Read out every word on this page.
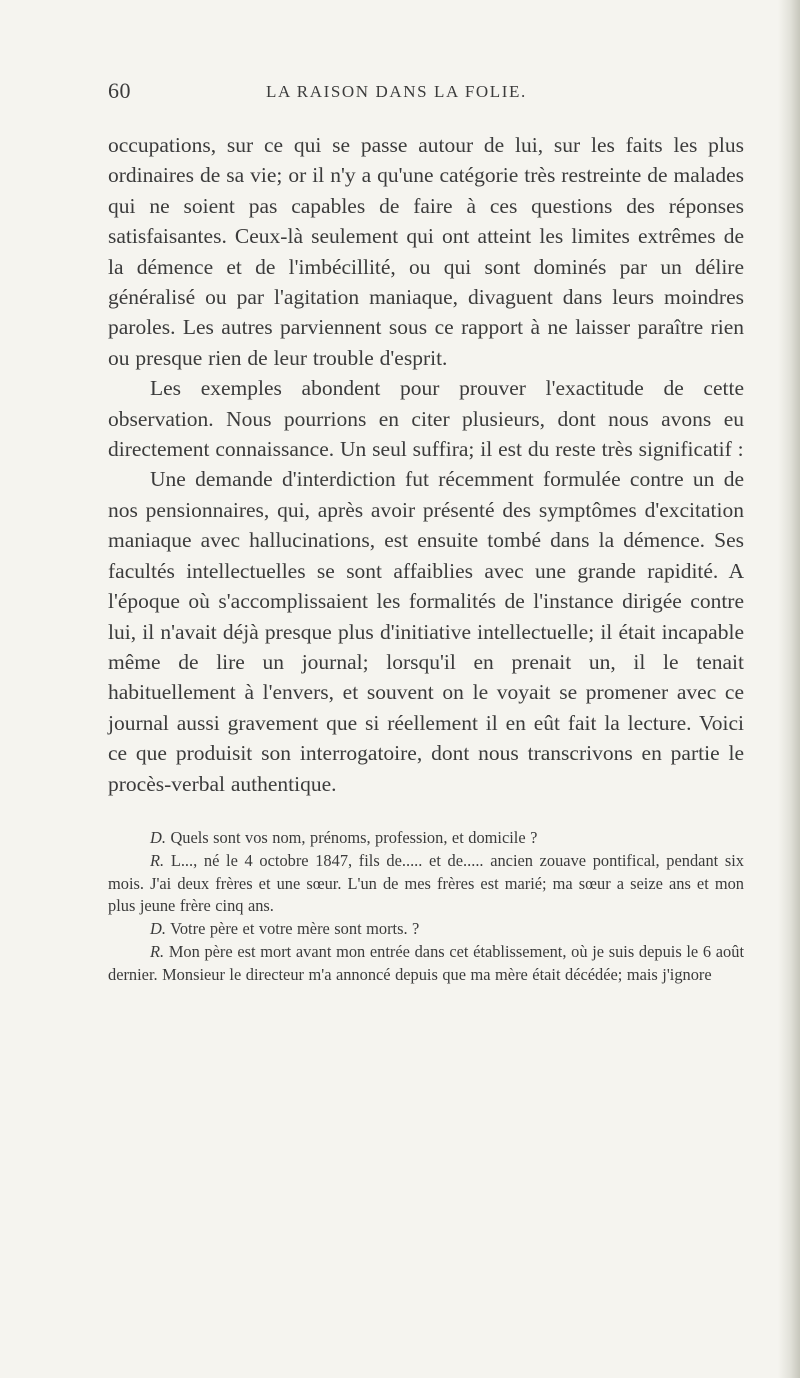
60	LA RAISON DANS LA FOLIE.

occupations, sur ce qui se passe autour de lui, sur les faits les plus ordinaires de sa vie; or il n'y a qu'une catégorie très restreinte de malades qui ne soient pas capables de faire à ces questions des réponses satisfaisantes. Ceux-là seulement qui ont atteint les limites extrêmes de la démence et de l'imbécillité, ou qui sont dominés par un délire généralisé ou par l'agitation maniaque, divaguent dans leurs moindres paroles. Les autres parviennent sous ce rapport à ne laisser paraître rien ou presque rien de leur trouble d'esprit.

Les exemples abondent pour prouver l'exactitude de cette observation. Nous pourrions en citer plusieurs, dont nous avons eu directement connaissance. Un seul suffira; il est du reste très significatif :

Une demande d'interdiction fut récemment formulée contre un de nos pensionnaires, qui, après avoir présenté des symptômes d'excitation maniaque avec hallucinations, est ensuite tombé dans la démence. Ses facultés intellectuelles se sont affaiblies avec une grande rapidité. A l'époque où s'accomplissaient les formalités de l'instance dirigée contre lui, il n'avait déjà presque plus d'initiative intellectuelle; il était incapable même de lire un journal; lorsqu'il en prenait un, il le tenait habituellement à l'envers, et souvent on le voyait se promener avec ce journal aussi gravement que si réellement il en eût fait la lecture. Voici ce que produisit son interrogatoire, dont nous transcrivons en partie le procès-verbal authentique.

D. Quels sont vos nom, prénoms, profession, et domicile ?

R. L..., né le 4 octobre 1847, fils de..... et de..... ancien zouave pontifical, pendant six mois. J'ai deux frères et une sœur. L'un de mes frères est marié; ma sœur a seize ans et mon plus jeune frère cinq ans.

D. Votre père et votre mère sont morts. ?

R. Mon père est mort avant mon entrée dans cet établissement, où je suis depuis le 6 août dernier. Monsieur le directeur m'a annoncé depuis que ma mère était décédée; mais j'ignore
